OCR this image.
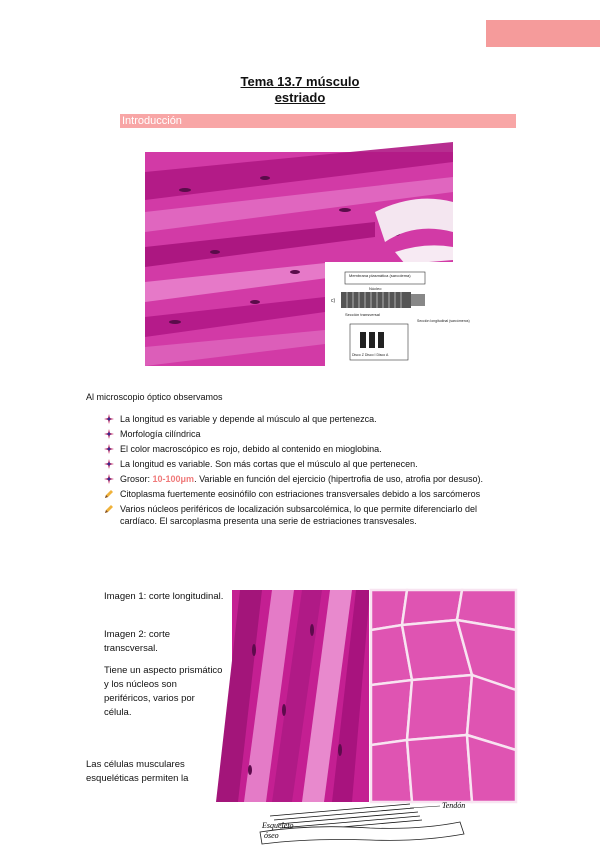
Tema 13.7 músculo
estriado
Introducción
Membrana plasmática (sarcolema)
Núcleo
c)
Sección transversal
Sección longitudinal (sarcómeros)
Disco Z Disco I Disco A
Al microscopio óptico observamos
La longitud es variable y depende al músculo al que pertenezca.
Morfología cilíndrica
El color macroscópico es rojo, debido al contenido en mioglobina.
La longitud es variable. Son más cortas que el músculo al que pertenecen.
Grosor: 10-100μm. Variable en función del ejercicio (hipertrofia de uso, atrofia por desuso).
Citoplasma fuertemente eosinófilo con estriaciones transversales debido a los sarcómeros
Varios núcleos periféricos de localización subsarcolémica, lo que permite diferenciarlo del cardíaco. El sarcoplasma presenta una serie de estriaciones transvesales.
Imagen 1: corte longitudinal.
Imagen 2: corte transcversal.
Tiene un aspecto prismático y los núcleos son periféricos, varios por célula.
Las células musculares esqueléticas permiten la
Tendón
Esqueleto
óseo
